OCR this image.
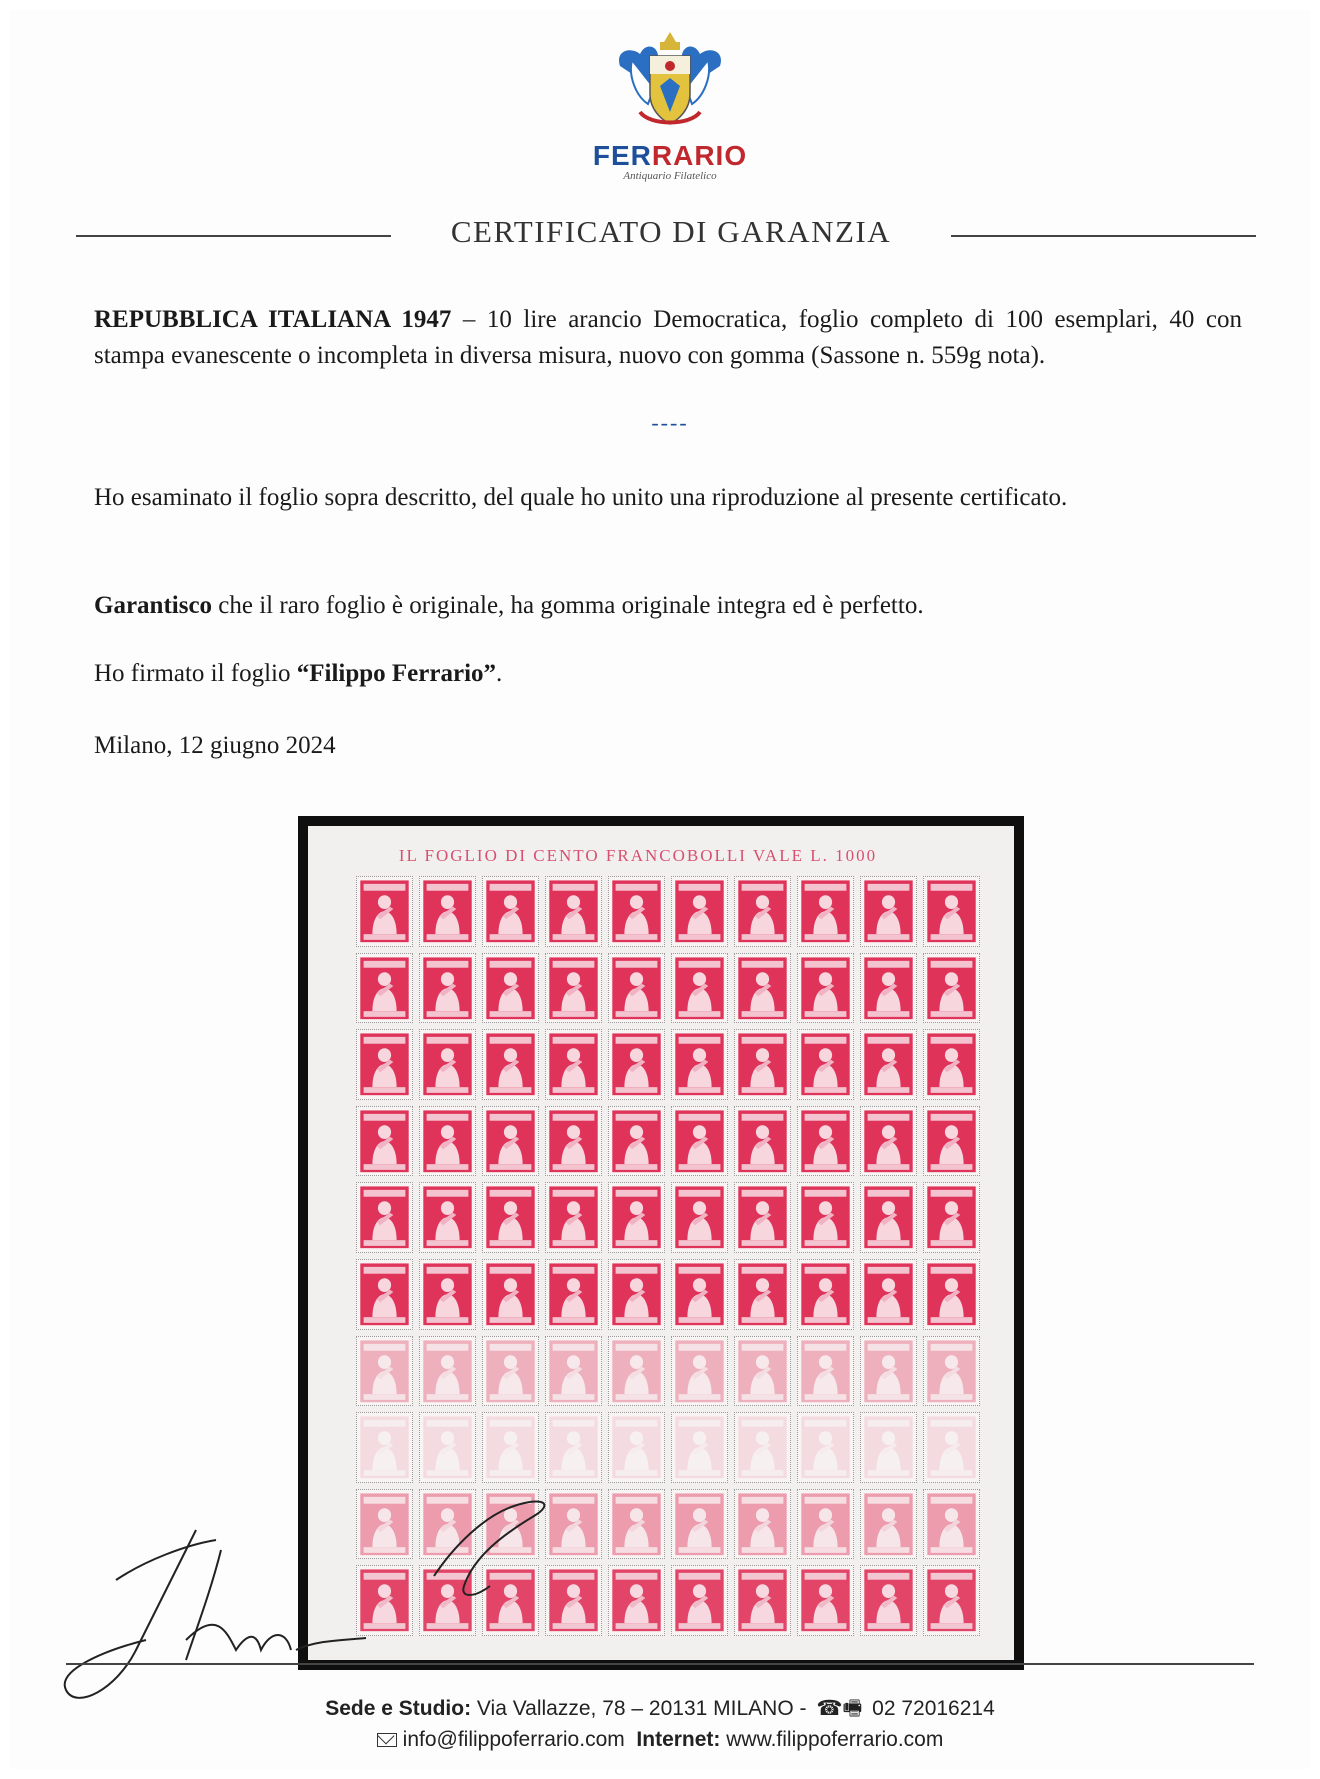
FERRARIO
Antiquario Filatelico
CERTIFICATO DI GARANZIA
REPUBBLICA ITALIANA 1947 – 10 lire arancio Democratica, foglio completo di 100 esemplari, 40 con stampa evanescente o incompleta in diversa misura, nuovo con gomma (Sassone n. 559g nota).
----
Ho esaminato il foglio sopra descritto, del quale ho unito una riproduzione al presente certificato.
Garantisco che il raro foglio è originale, ha gomma originale integra ed è perfetto.
Ho firmato il foglio “Filippo Ferrario”.
Milano, 12 giugno 2024
IL FOGLIO DI CENTO FRANCOBOLLI VALE L. 1000
Sede e Studio: Via Vallazze, 78 – 20131 MILANO - ☎🖷 02 72016214
info@filippoferrario.com Internet: www.filippoferrario.com
